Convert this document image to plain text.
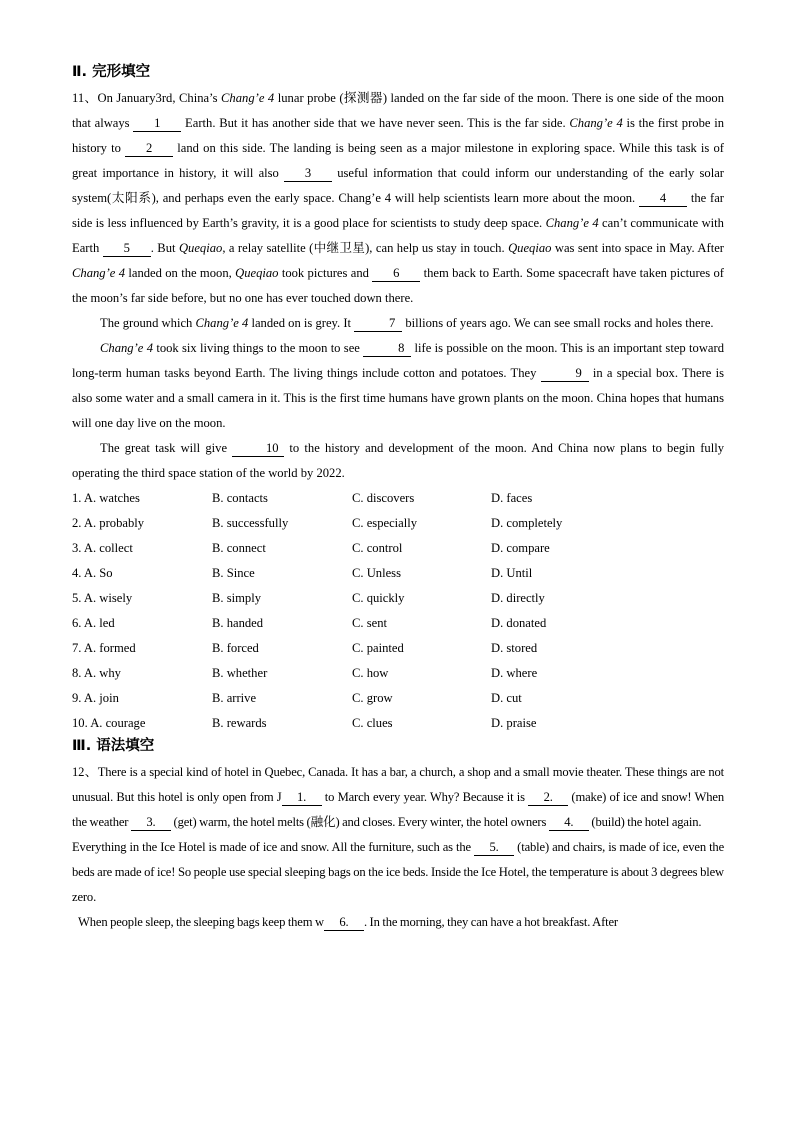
Ⅱ. 完形填空

11、On January3rd, China’s Chang’e 4 lunar probe (探测器) landed on the far side of the moon. There is one side of the moon that always 1 Earth. But it has another side that we have never seen. This is the far side. Chang’e 4 is the first probe in history to 2 land on this side. The landing is being seen as a major milestone in exploring space. While this task is of great importance in history, it will also 3 useful information that could inform our understanding of the early solar system(太阳系), and perhaps even the early space. Chang’e 4 will help scientists learn more about the moon. 4 the far side is less influenced by Earth’s gravity, it is a good place for scientists to study deep space. Chang’e 4 can’t communicate with Earth 5 . But Queqiao, a relay satellite (中继卫星), can help us stay in touch. Queqiao was sent into space in May. After Chang’e 4 landed on the moon, Queqiao took pictures and 6 them back to Earth. Some spacecraft have taken pictures of the moon’s far side before, but no one has ever touched down there.

The ground which Chang’e 4 landed on is grey. It	7 billions of years ago. We can see small rocks and holes there.

Chang’e 4 took six living things to the moon to see	8 life is possible on the moon. This is an important step toward long-term human tasks beyond Earth. The living things include cotton and potatoes. They	9 in a special box. There is also some water and a small camera in it. This is the first time humans have grown plants on the moon. China hopes that humans will one day live on the moon.

The great task will give	10 to the history and development of the moon. And China now plans to begin fully operating the third space station of the world by 2022.

1. A. watches	B. contacts	C. discovers	D. faces
2. A. probably	B. successfully	C. especially	D. completely
3. A. collect	B. connect	C. control	D. compare
4. A. So	B. Since	C. Unless	D. Until
5. A. wisely	B. simply	C. quickly	D. directly
6. A. led	B. handed	C. sent	D. donated
7. A. formed	B. forced	C. painted	D. stored
8. A. why	B. whether	C. how	D. where
9. A. join	B. arrive	C. grow	D. cut
10. A. courage	B. rewards	C. clues	D. praise
Ⅲ. 语法填空

12、There is a special kind of hotel in Quebec, Canada. It has a bar, a church, a shop and a small movie theater. These things are not unusual. But this hotel is only open from J 1. to March every year. Why? Because it is 2. (make) of ice and snow! When the weather 3. (get) warm, the hotel melts (融化) and closes. Every winter, the hotel owners 4. (build) the hotel again.

Everything in the Ice Hotel is made of ice and snow. All the furniture, such as the 5. (table) and chairs, is made of ice, even the beds are made of ice! So people use special sleeping bags on the ice beds. Inside the Ice Hotel, the temperature is about 3 degrees blew zero.

When people sleep, the sleeping bags keep them w 6. . In the morning, they can have a hot breakfast. After
